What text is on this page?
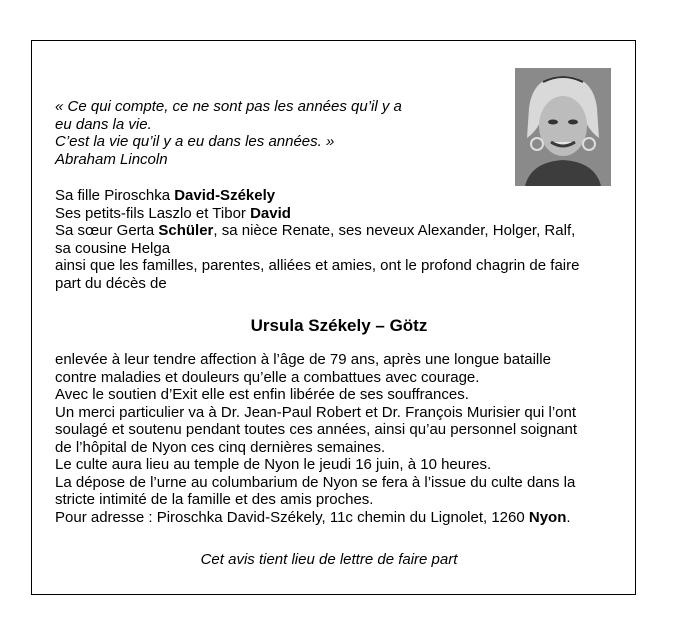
« Ce qui compte, ce ne sont pas les années qu’il y a
eu dans la vie.
C’est la vie qu’il y a eu dans les années. »
Abraham Lincoln
Sa fille Piroschka David-Székely
Ses petits-fils Laszlo et Tibor David
Sa sœur Gerta Schüler, sa nièce Renate, ses neveux Alexander, Holger, Ralf,
sa cousine Helga
ainsi que les familles, parentes, alliées et amies, ont le profond chagrin de faire
part du décès de
Ursula Székely – Götz
enlevée à leur tendre affection à l’âge de 79 ans, après une longue bataille
contre maladies et douleurs qu’elle a combattues avec courage.
Avec le soutien d’Exit elle est enfin libérée de ses souffrances.
Un merci particulier va à Dr. Jean-Paul Robert et Dr. François Murisier qui l’ont
soulagé et soutenu pendant toutes ces années, ainsi qu’au personnel soignant
de l’hôpital de Nyon ces cinq dernières semaines.
Le culte aura lieu au temple de Nyon le jeudi 16 juin, à 10 heures.
La dépose de l’urne au columbarium de Nyon se fera à l’issue du culte dans la
stricte intimité de la famille et des amis proches.
Pour adresse : Piroschka David-Székely, 11c chemin du Lignolet, 1260 Nyon.
Cet avis tient lieu de lettre de faire part
